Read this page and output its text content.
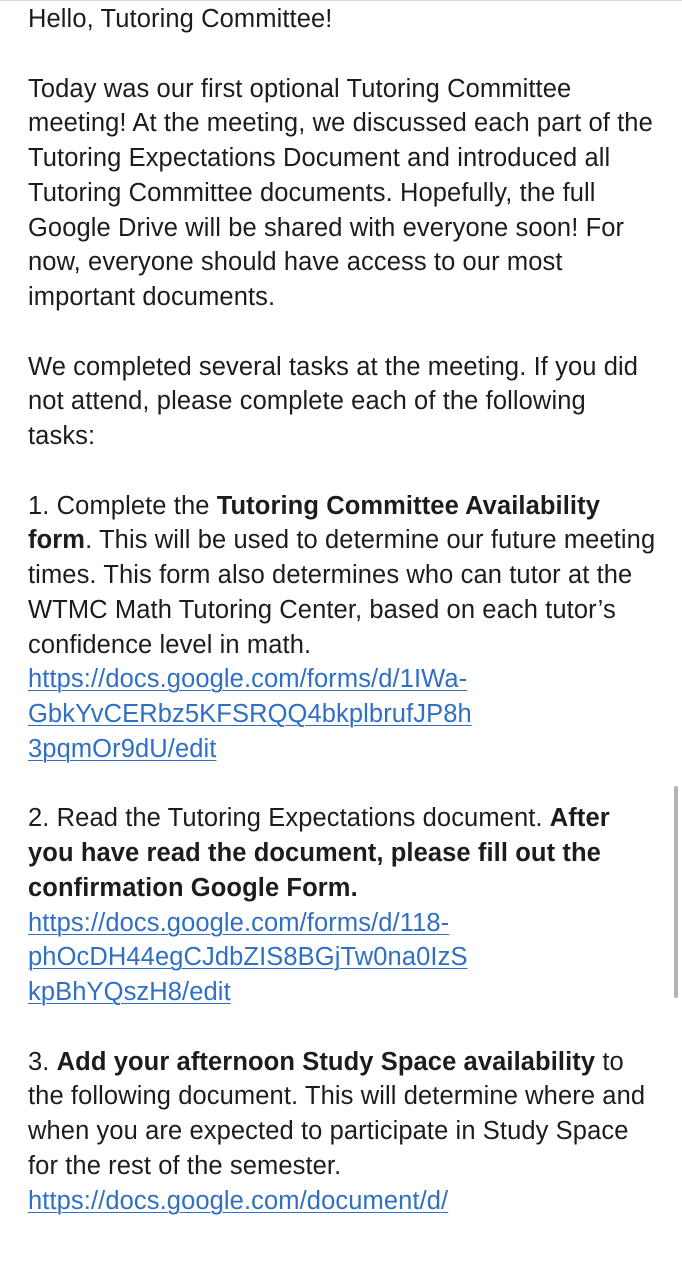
Hello, Tutoring Committee!

Today was our first optional Tutoring Committee meeting! At the meeting, we discussed each part of the Tutoring Expectations Document and introduced all Tutoring Committee documents. Hopefully, the full Google Drive will be shared with everyone soon! For now, everyone should have access to our most important documents.

We completed several tasks at the meeting. If you did not attend, please complete each of the following tasks:

1. Complete the Tutoring Committee Availability form. This will be used to determine our future meeting times. This form also determines who can tutor at the WTMC Math Tutoring Center, based on each tutor’s confidence level in math.
https://docs.google.com/forms/d/1IWa-
GbkYvCERbz5KFSRQQ4bkplbrufJP8h
3pqmOr9dU/edit

2. Read the Tutoring Expectations document. After you have read the document, please fill out the confirmation Google Form.
https://docs.google.com/forms/d/118-
phOcDH44egCJdbZIS8BGjTw0na0IzS
kpBhYQszH8/edit

3. Add your afternoon Study Space availability to the following document. This will determine where and when you are expected to participate in Study Space for the rest of the semester.
https://docs.google.com/document/d/
